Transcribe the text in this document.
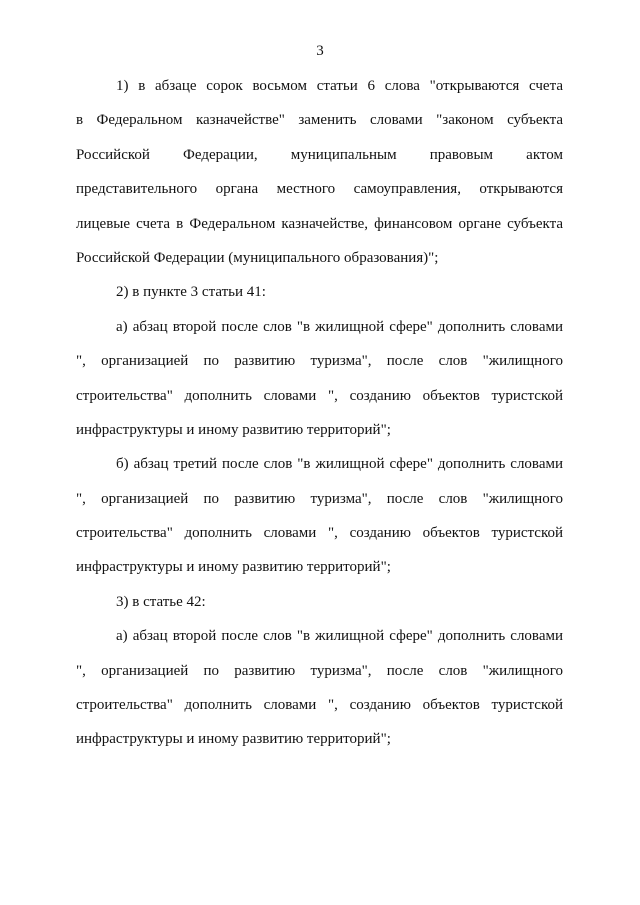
3
1) в абзаце сорок восьмом статьи 6 слова "открываются счета
в Федеральном казначействе" заменить словами "законом субъекта
Российской Федерации, муниципальным правовым актом
представительного органа местного самоуправления, открываются
лицевые счета в Федеральном казначействе, финансовом органе субъекта
Российской Федерации (муниципального образования)";
2) в пункте 3 статьи 41:
а) абзац второй после слов "в жилищной сфере" дополнить словами
", организацией по развитию туризма", после слов "жилищного
строительства" дополнить словами ", созданию объектов туристской
инфраструктуры и иному развитию территорий";
б) абзац третий после слов "в жилищной сфере" дополнить словами
", организацией по развитию туризма", после слов "жилищного
строительства" дополнить словами ", созданию объектов туристской
инфраструктуры и иному развитию территорий";
3) в статье 42:
а) абзац второй после слов "в жилищной сфере" дополнить словами
", организацией по развитию туризма", после слов "жилищного
строительства" дополнить словами ", созданию объектов туристской
инфраструктуры и иному развитию территорий";
